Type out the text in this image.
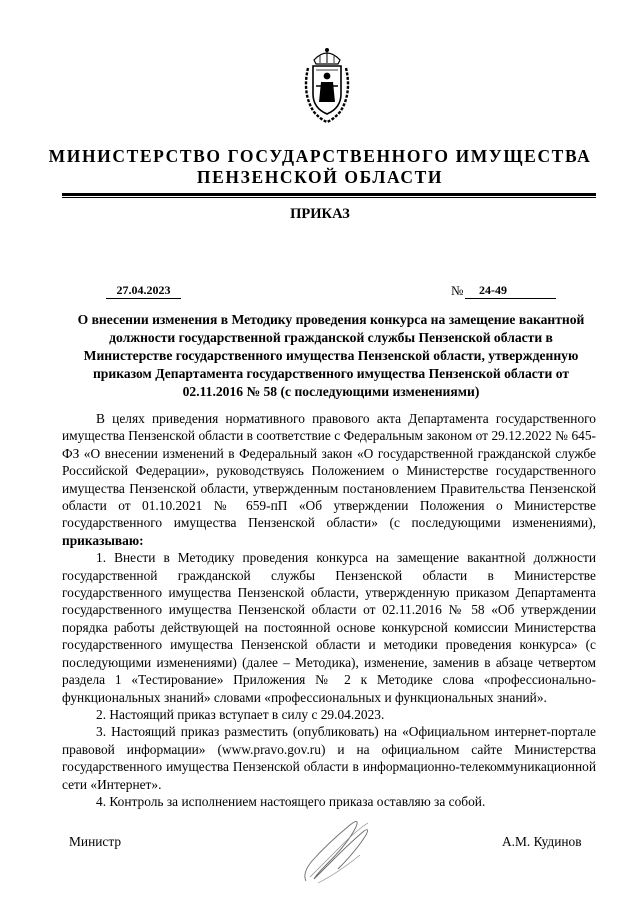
МИНИСТЕРСТВО ГОСУДАРСТВЕННОГО ИМУЩЕСТВА
ПЕНЗЕНСКОЙ ОБЛАСТИ
ПРИКАЗ
27.04.2023	№	24-49
О внесении изменения в Методику проведения конкурса на замещение вакантной должности государственной гражданской службы Пензенской области в Министерстве государственного имущества Пензенской области, утвержденную приказом Департамента государственного имущества Пензенской области от 02.11.2016 № 58 (с последующими изменениями)

В целях приведения нормативного правового акта Департамента государственного имущества Пензенской области в соответствие с Федеральным законом от 29.12.2022 № 645-ФЗ «О внесении изменений в Федеральный закон «О государственной гражданской службе Российской Федерации», руководствуясь Положением о Министерстве государственного имущества Пензенской области, утвержденным постановлением Правительства Пензенской области от 01.10.2021 № 659-пП «Об утверждении Положения о Министерстве государственного имущества Пензенской области» (с последующими изменениями), приказываю:

1. Внести в Методику проведения конкурса на замещение вакантной должности государственной гражданской службы Пензенской области в Министерстве государственного имущества Пензенской области, утвержденную приказом Департамента государственного имущества Пензенской области от 02.11.2016 № 58 «Об утверждении порядка работы действующей на постоянной основе конкурсной комиссии Министерства государственного имущества Пензенской области и методики проведения конкурса» (с последующими изменениями) (далее – Методика), изменение, заменив в абзаце четвертом раздела 1 «Тестирование» Приложения № 2 к Методике слова «профессионально-функциональных знаний» словами «профессиональных и функциональных знаний».

2. Настоящий приказ вступает в силу с 29.04.2023.

3. Настоящий приказ разместить (опубликовать) на «Официальном интернет-портале правовой информации» (www.pravo.gov.ru) и на официальном сайте Министерства государственного имущества Пензенской области в информационно-телекоммуникационной сети «Интернет».

4. Контроль за исполнением настоящего приказа оставляю за собой.

Министр	А.М. Кудинов
